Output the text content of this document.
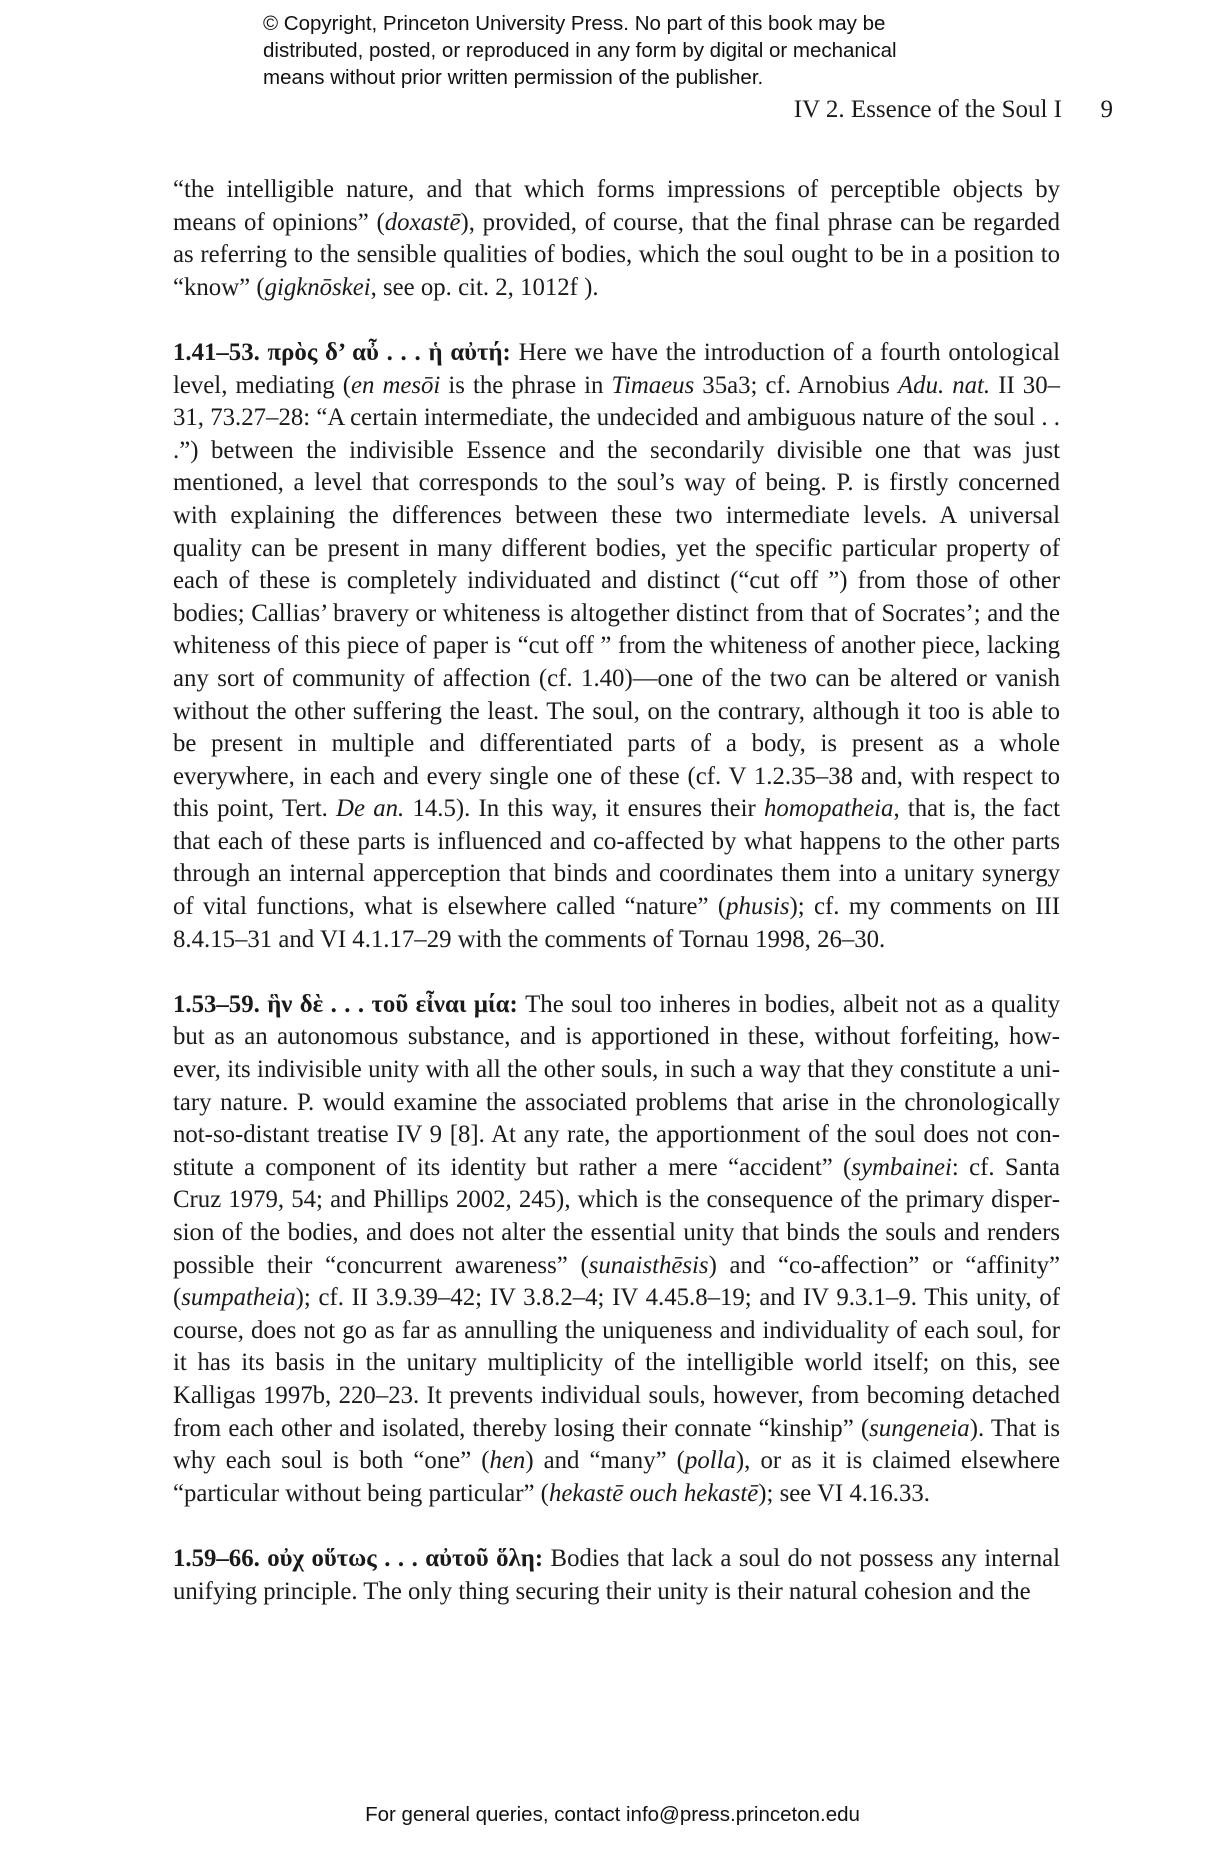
© Copyright, Princeton University Press. No part of this book may be
distributed, posted, or reproduced in any form by digital or mechanical
means without prior written permission of the publisher.
IV 2. Essence of the Soul I 9

“the intelligible nature, and that which forms impressions of perceptible objects by means of opinions” (doxastē), provided, of course, that the final phrase can be regarded as referring to the sensible qualities of bodies, which the soul ought to be in a position to “know” (gigknōskei, see op. cit. 2, 1012f ).

1.41–53. πρὸς δ’ αὖ . . . ἡ αὐτή: Here we have the introduction of a fourth ontological level, mediating (en mesōi is the phrase in Timaeus 35a3; cf. Arnobius Adu. nat. II 30–31, 73.27–28: “A certain intermediate, the undecided and ambiguous nature of the soul . . .”) between the indivisible Essence and the secondarily divisible one that was just mentioned, a level that corresponds to the soul’s way of being. P. is firstly concerned with explaining the differences between these two intermediate levels. A universal quality can be present in many different bodies, yet the specific particular property of each of these is completely individuated and distinct (“cut off ”) from those of other bodies; Callias’ bravery or whiteness is altogether distinct from that of Socrates’; and the whiteness of this piece of paper is “cut off ” from the whiteness of another piece, lacking any sort of community of affection (cf. 1.40)—one of the two can be altered or vanish without the other suffering the least. The soul, on the contrary, although it too is able to be present in multiple and differentiated parts of a body, is present as a whole everywhere, in each and every single one of these (cf. V 1.2.35–38 and, with respect to this point, Tert. De an. 14.5). In this way, it ensures their homopatheia, that is, the fact that each of these parts is influenced and co-affected by what happens to the other parts through an internal apperception that binds and coordinates them into a unitary synergy of vital functions, what is elsewhere called “nature” (phusis); cf. my comments on III 8.4.15–31 and VI 4.1.17–29 with the comments of Tornau 1998, 26–30.

1.53–59. ἣν δὲ . . . τοῦ εἶναι μία: The soul too inheres in bodies, albeit not as a quality but as an autonomous substance, and is apportioned in these, without forfeiting, however, its indivisible unity with all the other souls, in such a way that they constitute a unitary nature. P. would examine the associated problems that arise in the chronologically not-so-distant treatise IV 9 [8]. At any rate, the apportionment of the soul does not constitute a component of its identity but rather a mere “accident” (symbainei: cf. Santa Cruz 1979, 54; and Phillips 2002, 245), which is the consequence of the primary dispersion of the bodies, and does not alter the essential unity that binds the souls and renders possible their “concurrent awareness” (sunaisthēsis) and “co-affection” or “affinity” (sumpatheia); cf. II 3.9.39–42; IV 3.8.2–4; IV 4.45.8–19; and IV 9.3.1–9. This unity, of course, does not go as far as annulling the uniqueness and individuality of each soul, for it has its basis in the unitary multiplicity of the intelligible world itself; on this, see Kalligas 1997b, 220–23. It prevents individual souls, however, from becoming detached from each other and isolated, thereby losing their connate “kinship” (sungeneia). That is why each soul is both “one” (hen) and “many” (polla), or as it is claimed elsewhere “particular without being particular” (hekastē ouch hekastē); see VI 4.16.33.

1.59–66. οὐχ οὕτως . . . αὐτοῦ ὅλη: Bodies that lack a soul do not possess any internal unifying principle. The only thing securing their unity is their natural cohesion and the

For general queries, contact info@press.princeton.edu
